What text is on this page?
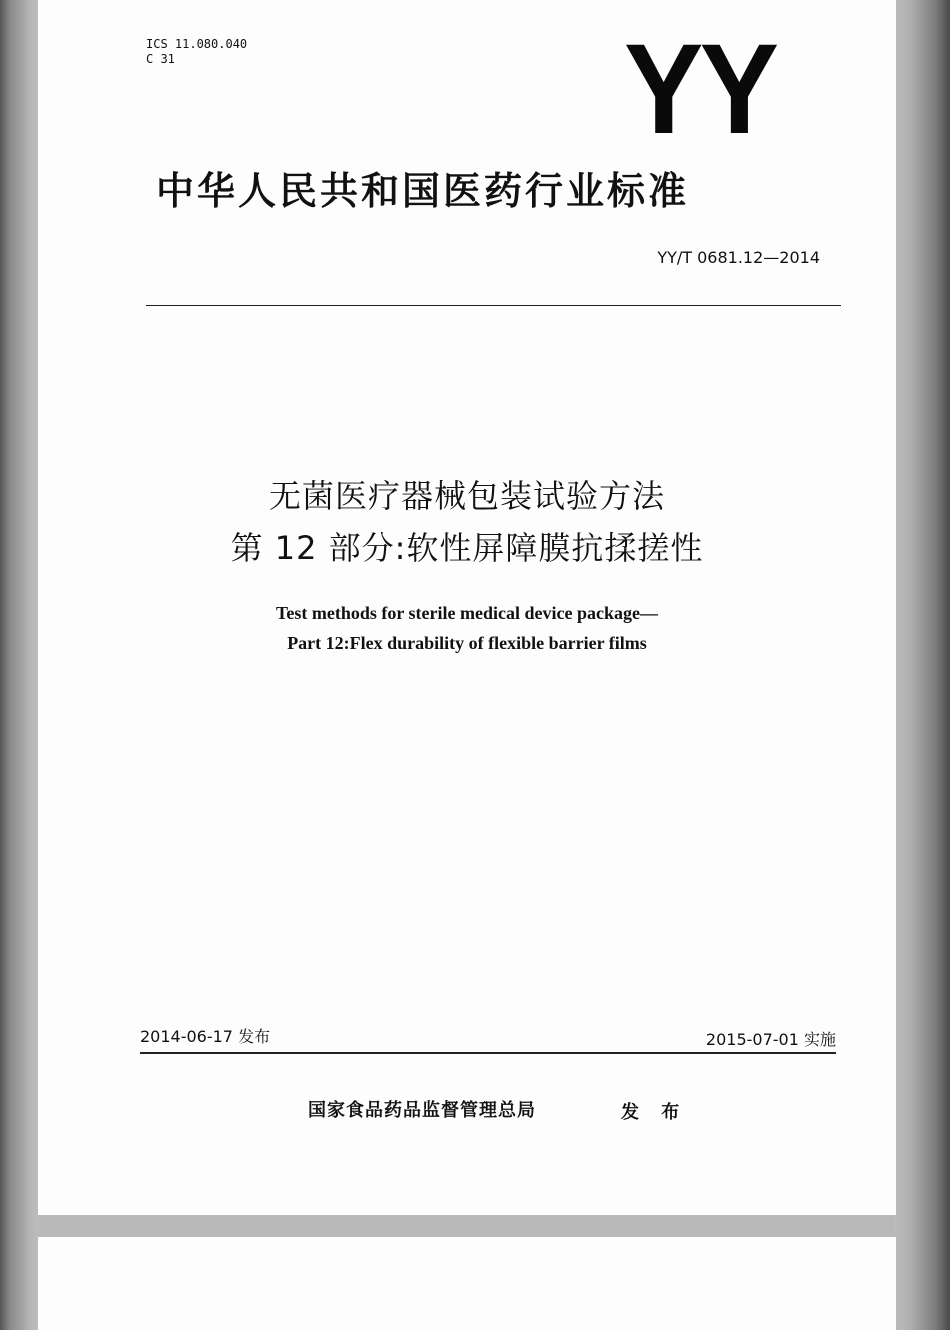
ICS 11.080.040
C 31	YY
中华人民共和国医药行业标准
YY/T 0681.12—2014
无菌医疗器械包装试验方法
第 12 部分:软性屏障膜抗揉搓性
Test methods for sterile medical device package—
Part 12:Flex durability of flexible barrier films
2014-06-17 发布	2015-07-01 实施
国家食品药品监督管理总局	发 布
